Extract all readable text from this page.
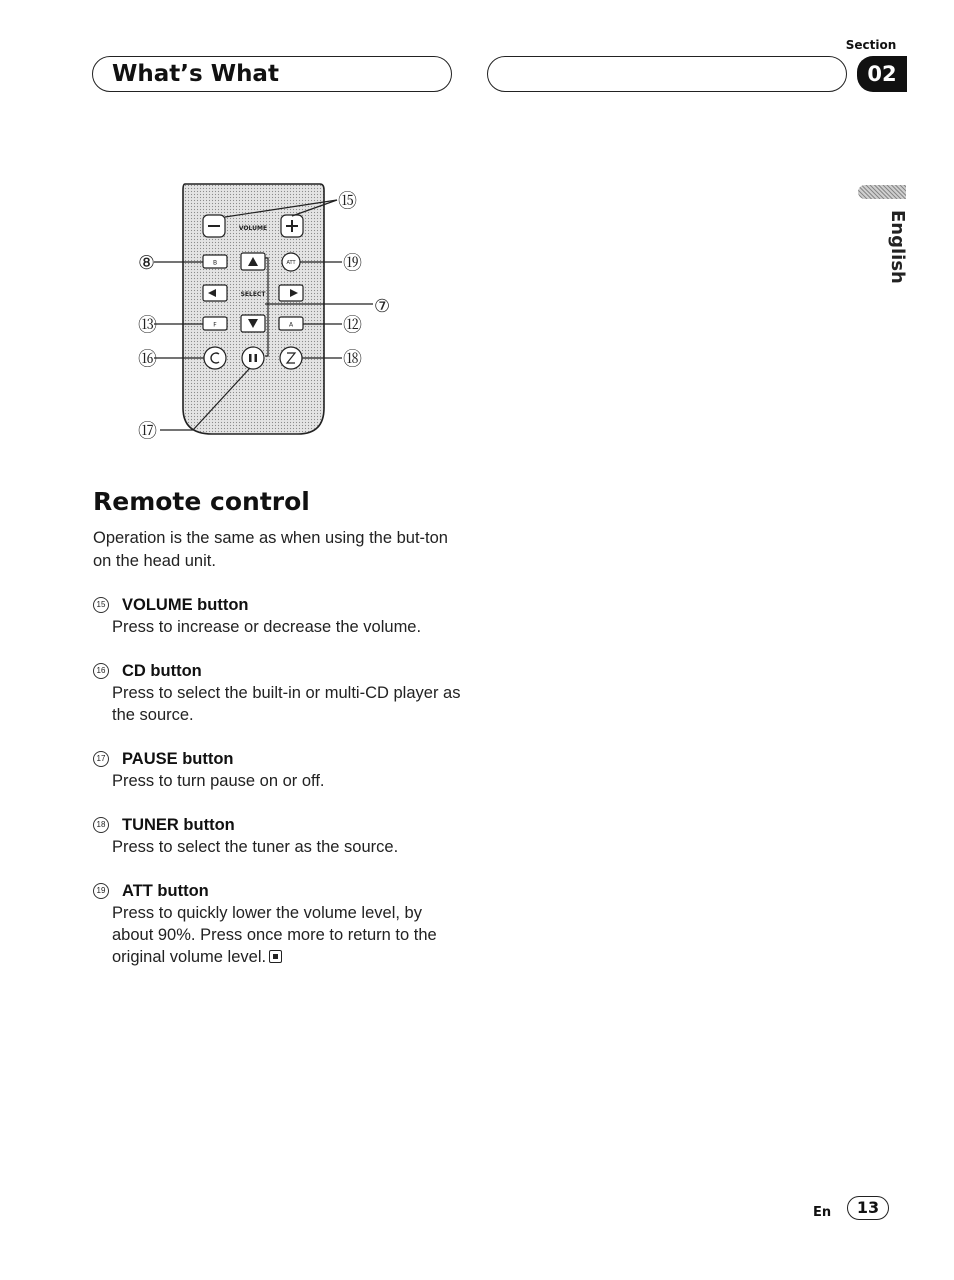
What’s What
Section
02
English
VOLUME
B	ATT
SELECT
F	A
⑮
⑧	⑲
⑦
⑬	⑫
⑯	⑱
⑰
Remote control

Operation is the same as when using the but-ton on the head unit.

15 VOLUME button

Press to increase or decrease the volume.

16 CD button

Press to select the built-in or multi-CD player as the source.

17 PAUSE button

Press to turn pause on or off.

18 TUNER button

Press to select the tuner as the source.

19 ATT button

Press to quickly lower the volume level, by about 90%. Press once more to return to the original volume level.

En	13
